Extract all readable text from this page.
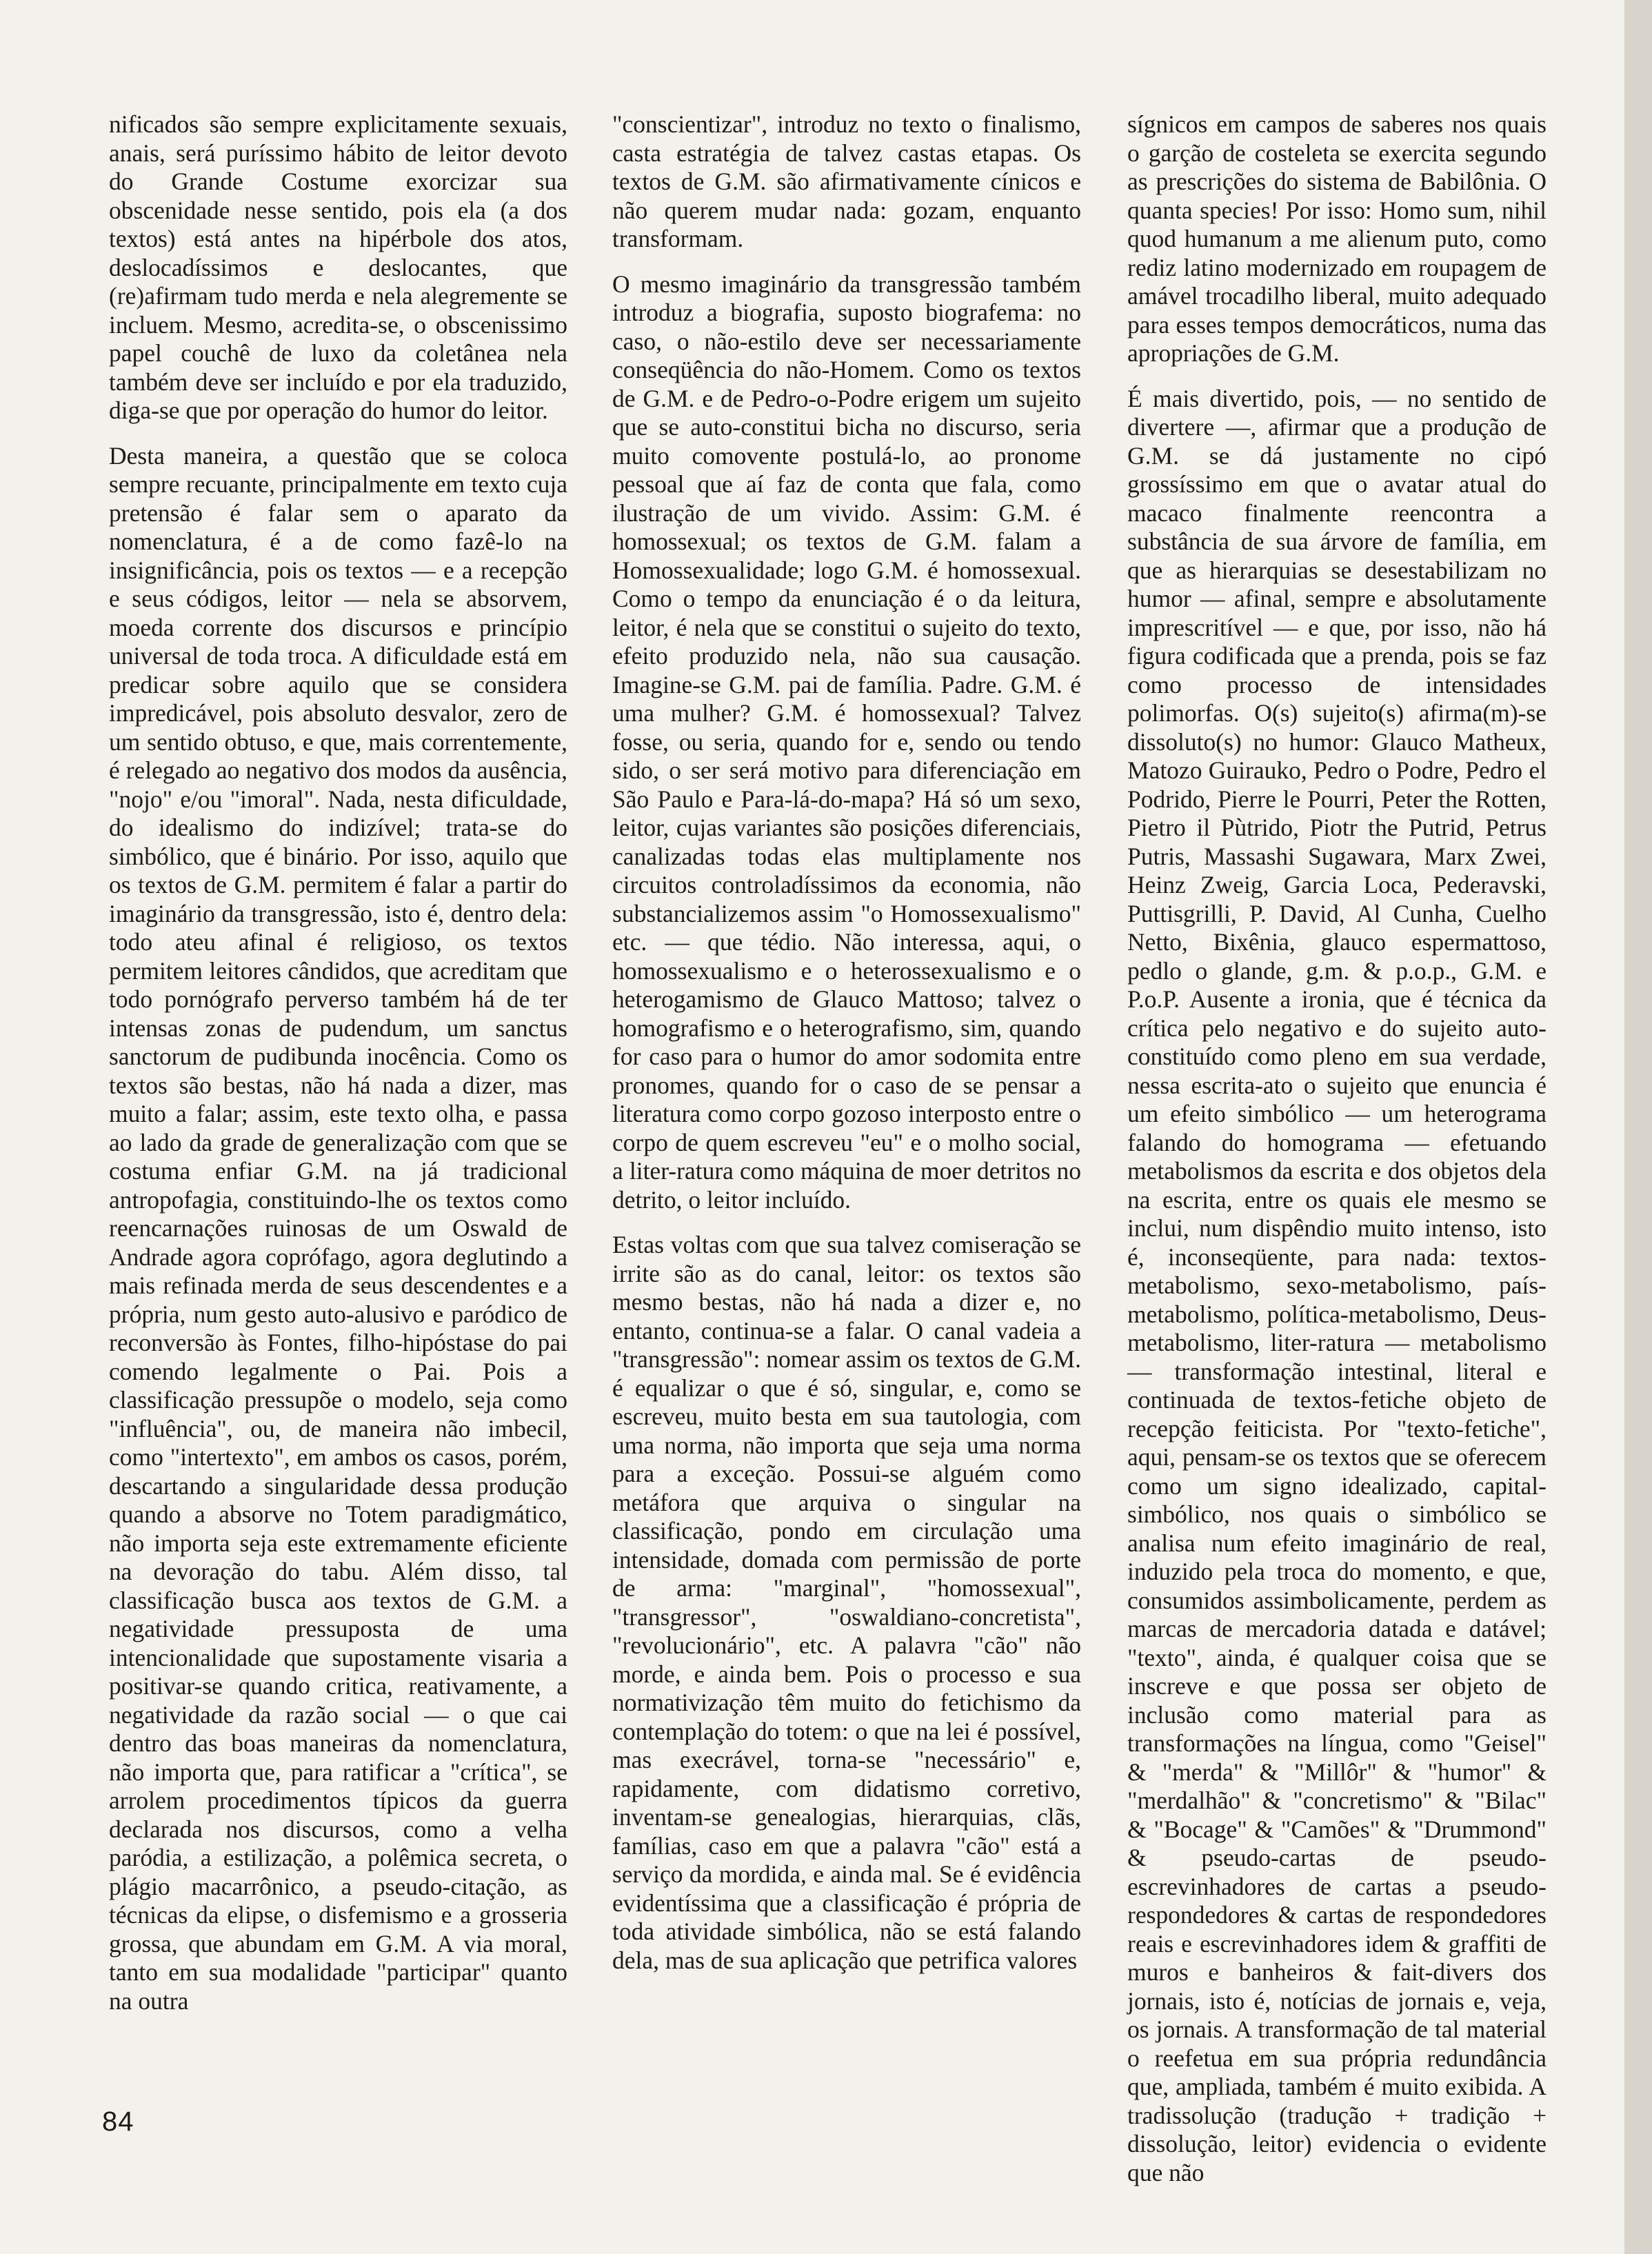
nificados são sempre explicitamente sexuais, anais, será puríssimo hábito de leitor devoto do Grande Costume exorcizar sua obscenidade nesse sentido, pois ela (a dos textos) está antes na hipérbole dos atos, deslocadíssimos e deslocantes, que (re)afirmam tudo merda e nela alegremente se incluem. Mesmo, acredita-se, o obscenissimo papel couchê de luxo da coletânea nela também deve ser incluído e por ela traduzido, diga-se que por operação do humor do leitor.

Desta maneira, a questão que se coloca sempre recuante, principalmente em texto cuja pretensão é falar sem o aparato da nomenclatura, é a de como fazê-lo na insignificância, pois os textos — e a recepção e seus códigos, leitor — nela se absorvem, moeda corrente dos discursos e princípio universal de toda troca. A dificuldade está em predicar sobre aquilo que se considera impredicável, pois absoluto desvalor, zero de um sentido obtuso, e que, mais correntemente, é relegado ao negativo dos modos da ausência, "nojo" e/ou "imoral". Nada, nesta dificuldade, do idealismo do indizível; trata-se do simbólico, que é binário. Por isso, aquilo que os textos de G.M. permitem é falar a partir do imaginário da transgressão, isto é, dentro dela: todo ateu afinal é religioso, os textos permitem leitores cândidos, que acreditam que todo pornógrafo perverso também há de ter intensas zonas de pudendum, um sanctus sanctorum de pudibunda inocência. Como os textos são bestas, não há nada a dizer, mas muito a falar; assim, este texto olha, e passa ao lado da grade de generalização com que se costuma enfiar G.M. na já tradicional antropofagia, constituindo-lhe os textos como reencarnações ruinosas de um Oswald de Andrade agora coprófago, agora deglutindo a mais refinada merda de seus descendentes e a própria, num gesto auto-alusivo e paródico de reconversão às Fontes, filho-hipóstase do pai comendo legalmente o Pai. Pois a classificação pressupõe o modelo, seja como "influência", ou, de maneira não imbecil, como "intertexto", em ambos os casos, porém, descartando a singularidade dessa produção quando a absorve no Totem paradigmático, não importa seja este extremamente eficiente na devoração do tabu. Além disso, tal classificação busca aos textos de G.M. a negatividade pressuposta de uma intencionalidade que supostamente visaria a positivar-se quando critica, reativamente, a negatividade da razão social — o que cai dentro das boas maneiras da nomenclatura, não importa que, para ratificar a "crítica", se arrolem procedimentos típicos da guerra declarada nos discursos, como a velha paródia, a estilização, a polêmica secreta, o plágio macarrônico, a pseudo-citação, as técnicas da elipse, o disfemismo e a grosseria grossa, que abundam em G.M. A via moral, tanto em sua modalidade "participar" quanto na outra

"conscientizar", introduz no texto o finalismo, casta estratégia de talvez castas etapas. Os textos de G.M. são afirmativamente cínicos e não querem mudar nada: gozam, enquanto transformam.

O mesmo imaginário da transgressão também introduz a biografia, suposto biografema: no caso, o não-estilo deve ser necessariamente conseqüência do não-Homem. Como os textos de G.M. e de Pedro-o-Podre erigem um sujeito que se auto-constitui bicha no discurso, seria muito comovente postulá-lo, ao pronome pessoal que aí faz de conta que fala, como ilustração de um vivido. Assim: G.M. é homossexual; os textos de G.M. falam a Homossexualidade; logo G.M. é homossexual. Como o tempo da enunciação é o da leitura, leitor, é nela que se constitui o sujeito do texto, efeito produzido nela, não sua causação. Imagine-se G.M. pai de família. Padre. G.M. é uma mulher? G.M. é homossexual? Talvez fosse, ou seria, quando for e, sendo ou tendo sido, o ser será motivo para diferenciação em São Paulo e Para-lá-do-mapa? Há só um sexo, leitor, cujas variantes são posições diferenciais, canalizadas todas elas multiplamente nos circuitos controladíssimos da economia, não substancializemos assim "o Homossexualismo" etc. — que tédio. Não interessa, aqui, o homossexualismo e o heterossexualismo e o heterogamismo de Glauco Mattoso; talvez o homografismo e o heterografismo, sim, quando for caso para o humor do amor sodomita entre pronomes, quando for o caso de se pensar a literatura como corpo gozoso interposto entre o corpo de quem escreveu "eu" e o molho social, a liter-ratura como máquina de moer detritos no detrito, o leitor incluído.

Estas voltas com que sua talvez comiseração se irrite são as do canal, leitor: os textos são mesmo bestas, não há nada a dizer e, no entanto, continua-se a falar. O canal vadeia a "transgressão": nomear assim os textos de G.M. é equalizar o que é só, singular, e, como se escreveu, muito besta em sua tautologia, com uma norma, não importa que seja uma norma para a exceção. Possui-se alguém como metáfora que arquiva o singular na classificação, pondo em circulação uma intensidade, domada com permissão de porte de arma: "marginal", "homossexual", "transgressor", "oswaldiano-concretista", "revolucionário", etc. A palavra "cão" não morde, e ainda bem. Pois o processo e sua normativização têm muito do fetichismo da contemplação do totem: o que na lei é possível, mas execrável, torna-se "necessário" e, rapidamente, com didatismo corretivo, inventam-se genealogias, hierarquias, clãs, famílias, caso em que a palavra "cão" está a serviço da mordida, e ainda mal. Se é evidência evidentíssima que a classificação é própria de toda atividade simbólica, não se está falando dela, mas de sua aplicação que petrifica valores

sígnicos em campos de saberes nos quais o garção de costeleta se exercita segundo as prescrições do sistema de Babilônia. O quanta species! Por isso: Homo sum, nihil quod humanum a me alienum puto, como rediz latino modernizado em roupagem de amável trocadilho liberal, muito adequado para esses tempos democráticos, numa das apropriações de G.M.

É mais divertido, pois, — no sentido de divertere —, afirmar que a produção de G.M. se dá justamente no cipó grossíssimo em que o avatar atual do macaco finalmente reencontra a substância de sua árvore de família, em que as hierarquias se desestabilizam no humor — afinal, sempre e absolutamente imprescritível — e que, por isso, não há figura codificada que a prenda, pois se faz como processo de intensidades polimorfas. O(s) sujeito(s) afirma(m)-se dissoluto(s) no humor: Glauco Matheux, Matozo Guirauko, Pedro o Podre, Pedro el Podrido, Pierre le Pourri, Peter the Rotten, Pietro il Pùtrido, Piotr the Putrid, Petrus Putris, Massashi Sugawara, Marx Zwei, Heinz Zweig, Garcia Loca, Pederavski, Puttisgrilli, P. David, Al Cunha, Cuelho Netto, Bixênia, glauco espermattoso, pedlo o glande, g.m. & p.o.p., G.M. e P.o.P. Ausente a ironia, que é técnica da crítica pelo negativo e do sujeito auto-constituído como pleno em sua verdade, nessa escrita-ato o sujeito que enuncia é um efeito simbólico — um heterograma falando do homograma — efetuando metabolismos da escrita e dos objetos dela na escrita, entre os quais ele mesmo se inclui, num dispêndio muito intenso, isto é, inconseqüente, para nada: textos-metabolismo, sexo-metabolismo, país-metabolismo, política-metabolismo, Deus-metabolismo, liter-ratura — metabolismo — transformação intestinal, literal e continuada de textos-fetiche objeto de recepção feiticista. Por "texto-fetiche", aqui, pensam-se os textos que se oferecem como um signo idealizado, capital-simbólico, nos quais o simbólico se analisa num efeito imaginário de real, induzido pela troca do momento, e que, consumidos assimbolicamente, perdem as marcas de mercadoria datada e datável; "texto", ainda, é qualquer coisa que se inscreve e que possa ser objeto de inclusão como material para as transformações na língua, como "Geisel" & "merda" & "Millôr" & "humor" & "merdalhão" & "concretismo" & "Bilac" & "Bocage" & "Camões" & "Drummond" & pseudo-cartas de pseudo-escrevinhadores de cartas a pseudo-respondedores & cartas de respondedores reais e escrevinhadores idem & graffiti de muros e banheiros & fait-divers dos jornais, isto é, notícias de jornais e, veja, os jornais. A transformação de tal material o reefetua em sua própria redundância que, ampliada, também é muito exibida. A tradissolução (tradução + tradição + dissolução, leitor) evidencia o evidente que não

84
